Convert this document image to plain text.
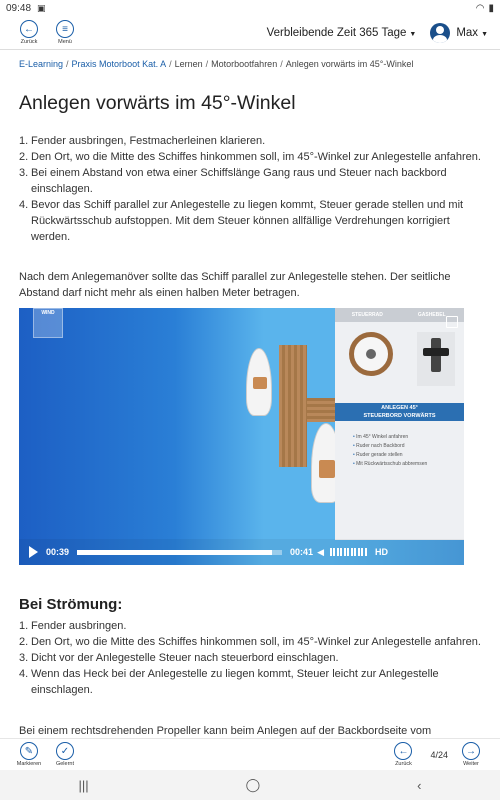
09:48 ▣	◠ ▮
←
Zurück
≡
Menü
Verbleibende Zeit 365 Tage ▼	Max ▼
E-Learning / Praxis Motorboot Kat. A / Lernen / Motorbootfahren / Anlegen vorwärts im 45°-Winkel
Anlegen vorwärts im 45°-Winkel
1. Fender ausbringen, Festmacherleinen klarieren.
2. Den Ort, wo die Mitte des Schiffes hinkommen soll, im 45°-Winkel zur Anlegestelle anfahren.
3. Bei einem Abstand von etwa einer Schiffslänge Gang raus und Steuer nach backbord einschlagen.
4. Bevor das Schiff parallel zur Anlegestelle zu liegen kommt, Steuer gerade stellen und mit Rückwärtsschub aufstoppen. Mit dem Steuer können allfällige Verdrehungen korrigiert werden.

Nach dem Anlegemanöver sollte das Schiff parallel zur Anlegestelle stehen. Der seitliche Abstand darf nicht mehr als einen halben Meter betragen.

WIND	STEUERRAD	GASHEBEL
ANLEGEN 45°
STEUERBORD VORWÄRTS
• Im 45° Winkel anfahren
• Ruder nach Backbord
• Ruder gerade stellen
• Mit Rückwärtsschub abbremsen
00:39	00:41 ◀	HD
Bei Strömung:
1. Fender ausbringen.
2. Den Ort, wo die Mitte des Schiffes hinkommen soll, im 45°-Winkel zur Anlegestelle anfahren.
3. Dicht vor der Anlegestelle Steuer nach steuerbord einschlagen.
4. Wenn das Heck bei der Anlegestelle zu liegen kommt, Steuer leicht zur Anlegestelle einschlagen.

Bei einem rechtsdrehenden Propeller kann beim Anlegen auf der Backbordseite vom

✎
Markieren
✓
Gelernt
←
Zurück
4/24	→
Weiter
|||	◯	‹
